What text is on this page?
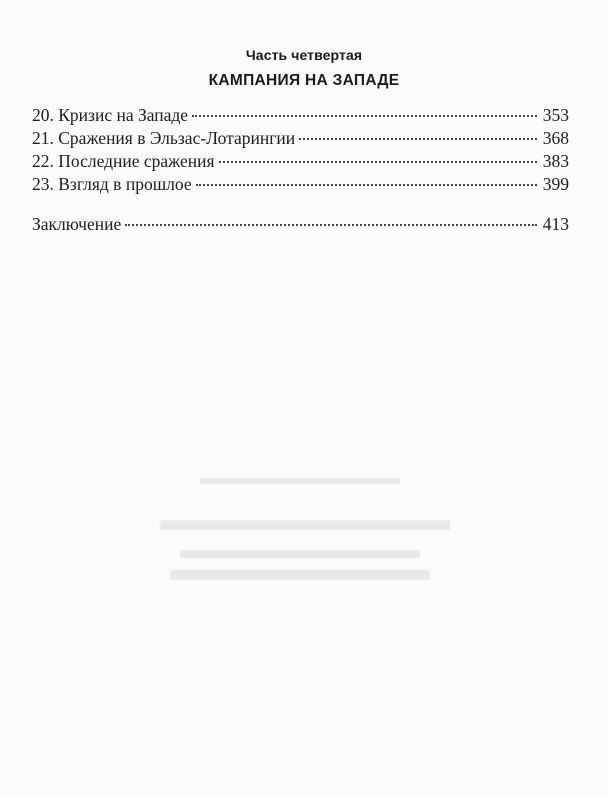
Часть четвертая
КАМПАНИЯ НА ЗАПАДЕ
20. Кризис на Западе	353
21. Сражения в Эльзас-Лотарингии	368
22. Последние сражения	383
23. Взгляд в прошлое	399
Заключение	413
